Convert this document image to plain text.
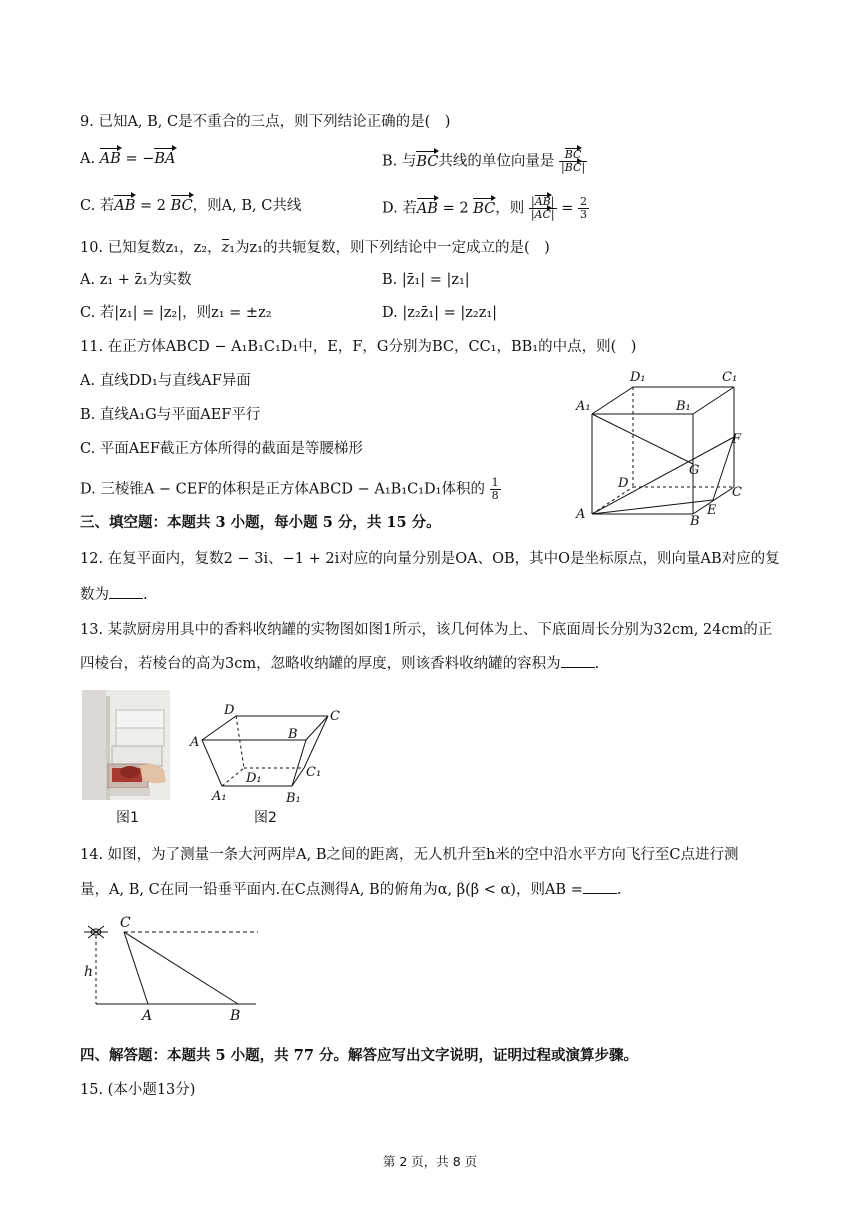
9. 已知A, B, C是不重合的三点，则下列结论正确的是(　)
A. AB = −BA	B. 与BC共线的单位向量是 $\frac{BC}{|BC|}$
C. 若AB = 2 BC，则A, B, C共线	D. 若AB = 2 BC，则 $\frac{|AB|}{|AC|} = \frac{2}{3}$
10. 已知复数z₁，z₂，z₁为z₁的共轭复数，则下列结论中一定成立的是(　)
A. z₁ + z̄₁为实数	B. |z̄₁| = |z₁|
C. 若|z₁| = |z₂|，则z₁ = ±z₂	D. |z₂z̄₁| = |z₂z₁|
11. 在正方体ABCD − A₁B₁C₁D₁中，E，F，G分别为BC，CC₁，BB₁的中点，则(　)
A. 直线DD₁与直线AF异面
B. 直线A₁G与平面AEF平行
C. 平面AEF截正方体所得的截面是等腰梯形
D. 三棱锥A − CEF的体积是正方体ABCD − A₁B₁C₁D₁体积的 $\frac{1}{8}$
D₁	C₁
A₁	B₁
F
G
D
C
A	E
B
三、填空题：本题共 3 小题，每小题 5 分，共 15 分。
12. 在复平面内，复数2 − 3i、−1 + 2i对应的向量分别是OA、OB，其中O是坐标原点，则向量AB对应的复
数为 .
13. 某款厨房用具中的香料收纳罐的实物图如图1所示，该几何体为上、下底面周长分别为32cm, 24cm的正
四棱台，若棱台的高为3cm，忽略收纳罐的厚度，则该香料收纳罐的容积为 .
图1
D	C
A
B
D₁	C₁
A₁	B₁
图2
14. 如图，为了测量一条大河两岸A, B之间的距离，无人机升至h米的空中沿水平方向飞行至C点进行测
量，A, B, C在同一铅垂平面内.在C点测得A, B的俯角为α, β(β < α)，则AB = .
C
h
A	B
四、解答题：本题共 5 小题，共 77 分。解答应写出文字说明，证明过程或演算步骤。
15. (本小题13分)
第 2 页，共 8 页
